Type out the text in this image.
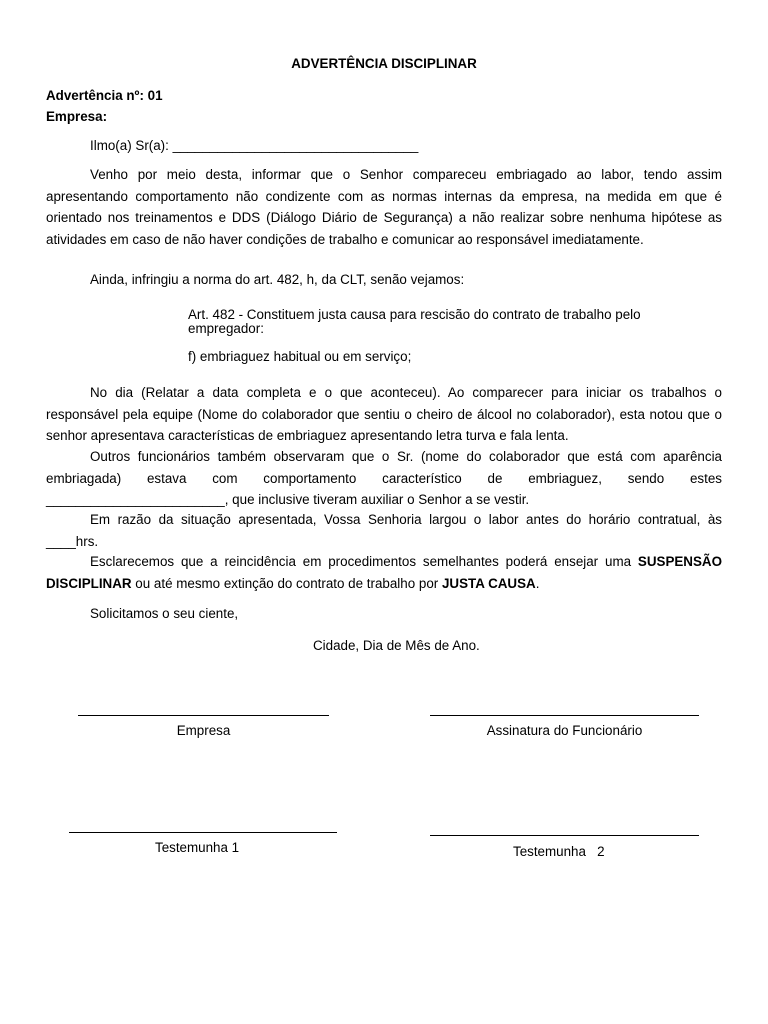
ADVERTÊNCIA DISCIPLINAR
Advertência nº: 01
Empresa:
Ilmo(a) Sr(a): _________________________________
Venho por meio desta, informar que o Senhor compareceu embriagado ao labor, tendo assim apresentando comportamento não condizente com as normas internas da empresa, na medida em que é orientado nos treinamentos e DDS (Diálogo Diário de Segurança) a não realizar sobre nenhuma hipótese as atividades em caso de não haver condições de trabalho e comunicar ao responsável imediatamente.
Ainda, infringiu a norma do art. 482, h, da CLT, senão vejamos:
Art. 482 - Constituem justa causa para rescisão do contrato de trabalho pelo empregador:
f) embriaguez habitual ou em serviço;
No dia (Relatar a data completa e o que aconteceu). Ao comparecer para iniciar os trabalhos o responsável pela equipe (Nome do colaborador que sentiu o cheiro de álcool no colaborador), esta notou que o senhor apresentava características de embriaguez apresentando letra turva e fala lenta.
Outros funcionários também observaram que o Sr. (nome do colaborador que está com aparência embriagada) estava com comportamento característico de embriaguez, sendo estes ________________________, que inclusive tiveram auxiliar o Senhor a se vestir.
Em razão da situação apresentada, Vossa Senhoria largou o labor antes do horário contratual, às ____hrs.
Esclarecemos que a reincidência em procedimentos semelhantes poderá ensejar uma SUSPENSÃO DISCIPLINAR ou até mesmo extinção do contrato de trabalho por JUSTA CAUSA.
Solicitamos o seu ciente,
Cidade, Dia de Mês de Ano.
Empresa	Assinatura do Funcionário
Testemunha 1	Testemunha   2
